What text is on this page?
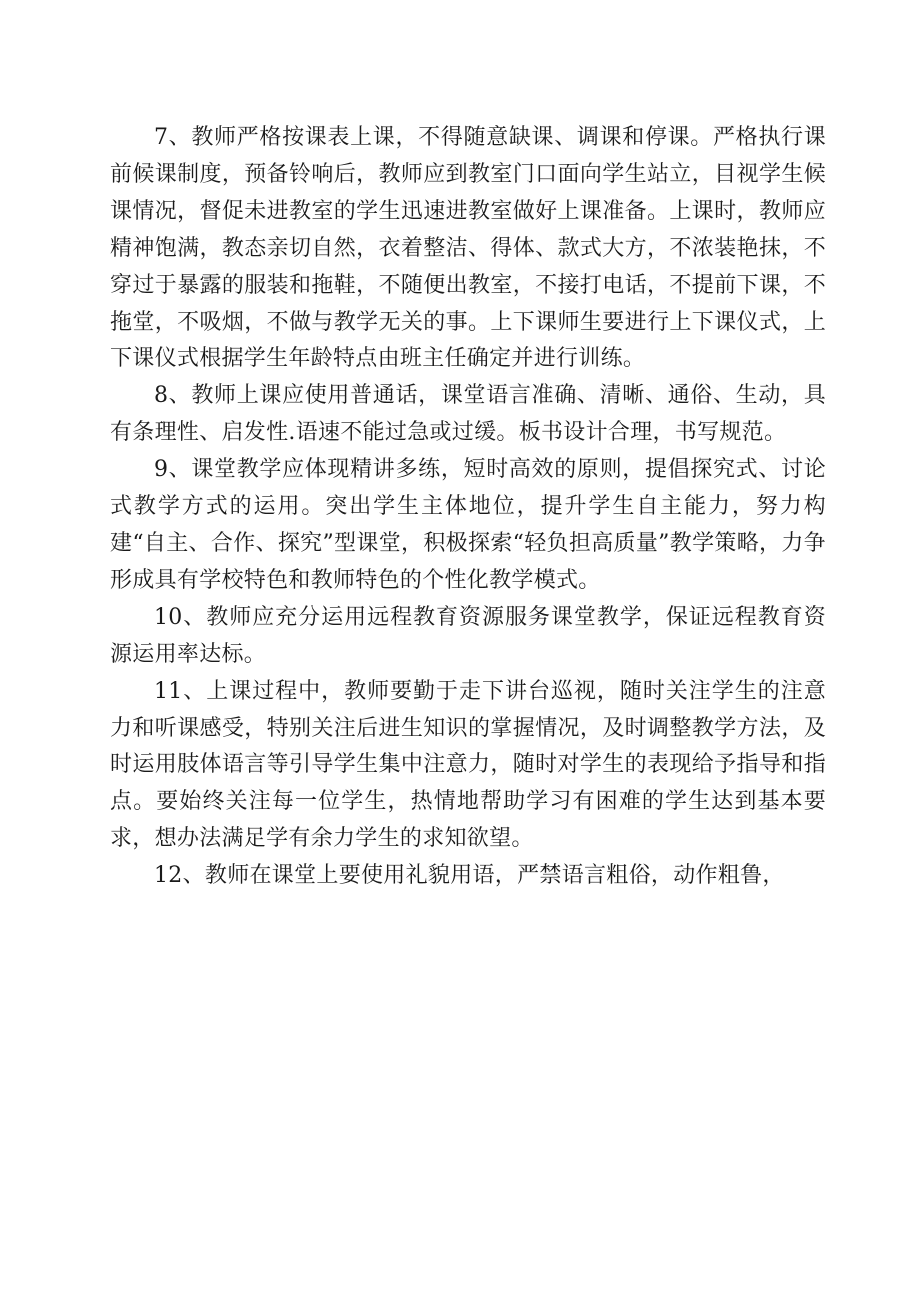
7、教师严格按课表上课，不得随意缺课、调课和停课。严格执行课前候课制度，预备铃响后，教师应到教室门口面向学生站立，目视学生候课情况，督促未进教室的学生迅速进教室做好上课准备。上课时，教师应精神饱满，教态亲切自然，衣着整洁、得体、款式大方，不浓装艳抹，不穿过于暴露的服装和拖鞋，不随便出教室，不接打电话，不提前下课，不拖堂，不吸烟，不做与教学无关的事。上下课师生要进行上下课仪式，上下课仪式根据学生年龄特点由班主任确定并进行训练。

8、教师上课应使用普通话，课堂语言准确、清晰、通俗、生动，具有条理性、启发性.语速不能过急或过缓。板书设计合理，书写规范。

9、课堂教学应体现精讲多练，短时高效的原则，提倡探究式、讨论式教学方式的运用。突出学生主体地位，提升学生自主能力，努力构建“自主、合作、探究”型课堂，积极探索“轻负担高质量”教学策略，力争形成具有学校特色和教师特色的个性化教学模式。

10、教师应充分运用远程教育资源服务课堂教学，保证远程教育资源运用率达标。

11、上课过程中，教师要勤于走下讲台巡视，随时关注学生的注意力和听课感受，特别关注后进生知识的掌握情况，及时调整教学方法，及时运用肢体语言等引导学生集中注意力，随时对学生的表现给予指导和指点。要始终关注每一位学生，热情地帮助学习有困难的学生达到基本要求，想办法满足学有余力学生的求知欲望。

12、教师在课堂上要使用礼貌用语，严禁语言粗俗，动作粗鲁，
